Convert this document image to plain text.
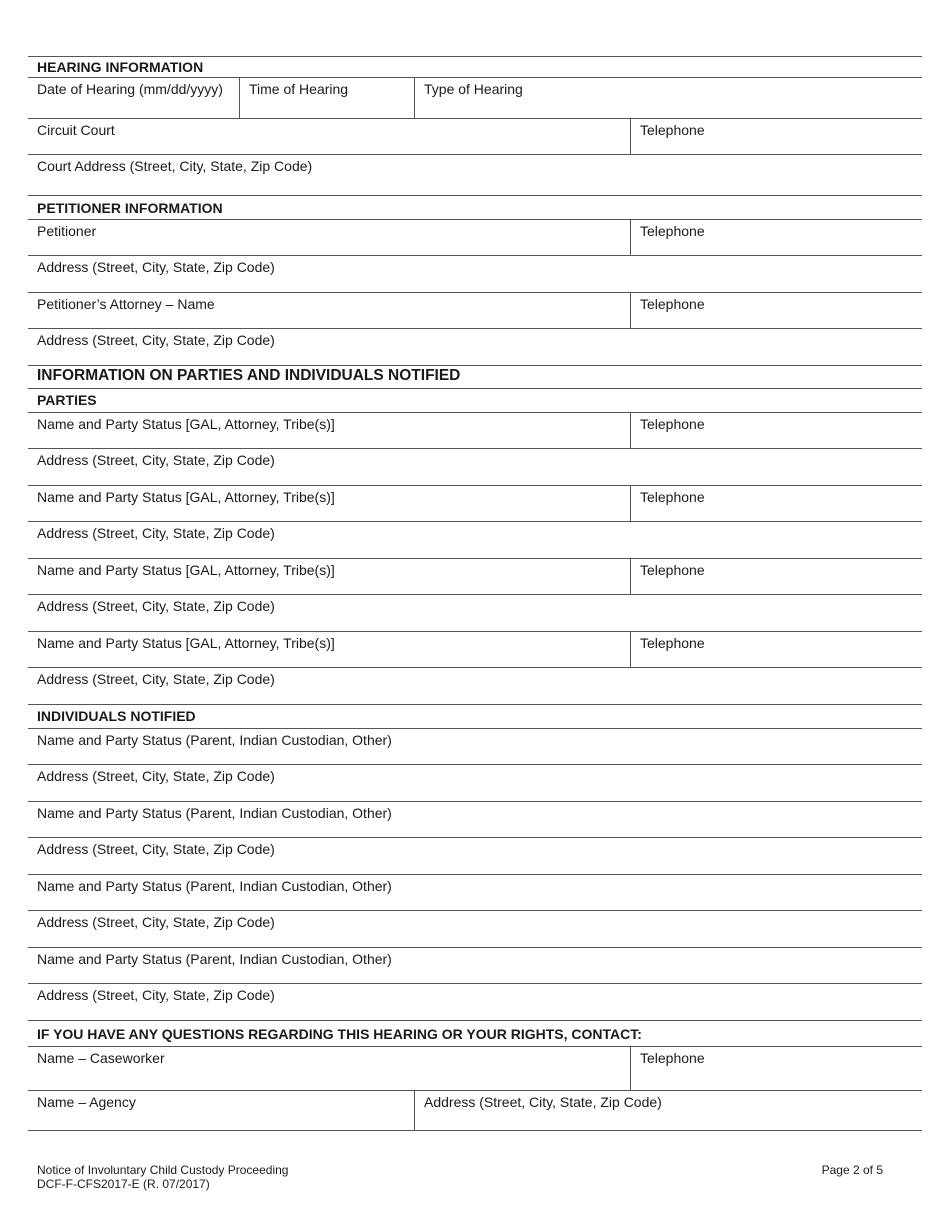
HEARING INFORMATION
Date of Hearing (mm/dd/yyyy)	Time of Hearing	Type of Hearing
Circuit Court	Telephone
Court Address (Street, City, State, Zip Code)
PETITIONER INFORMATION
Petitioner	Telephone
Address (Street, City, State, Zip Code)
Petitioner’s Attorney – Name	Telephone
Address (Street, City, State, Zip Code)
INFORMATION ON PARTIES AND INDIVIDUALS NOTIFIED
PARTIES
Name and Party Status [GAL, Attorney, Tribe(s)]	Telephone
Address (Street, City, State, Zip Code)
Name and Party Status [GAL, Attorney, Tribe(s)]	Telephone
Address (Street, City, State, Zip Code)
Name and Party Status [GAL, Attorney, Tribe(s)]	Telephone
Address (Street, City, State, Zip Code)
Name and Party Status [GAL, Attorney, Tribe(s)]	Telephone
Address (Street, City, State, Zip Code)
INDIVIDUALS NOTIFIED
Name and Party Status (Parent, Indian Custodian, Other)
Address (Street, City, State, Zip Code)
Name and Party Status (Parent, Indian Custodian, Other)
Address (Street, City, State, Zip Code)
Name and Party Status (Parent, Indian Custodian, Other)
Address (Street, City, State, Zip Code)
Name and Party Status (Parent, Indian Custodian, Other)
Address (Street, City, State, Zip Code)
IF YOU HAVE ANY QUESTIONS REGARDING THIS HEARING OR YOUR RIGHTS, CONTACT:
Name – Caseworker	Telephone
Name – Agency	Address (Street, City, State, Zip Code)
Notice of Involuntary Child Custody Proceeding
DCF-F-CFS2017-E (R. 07/2017)
Page 2 of 5
